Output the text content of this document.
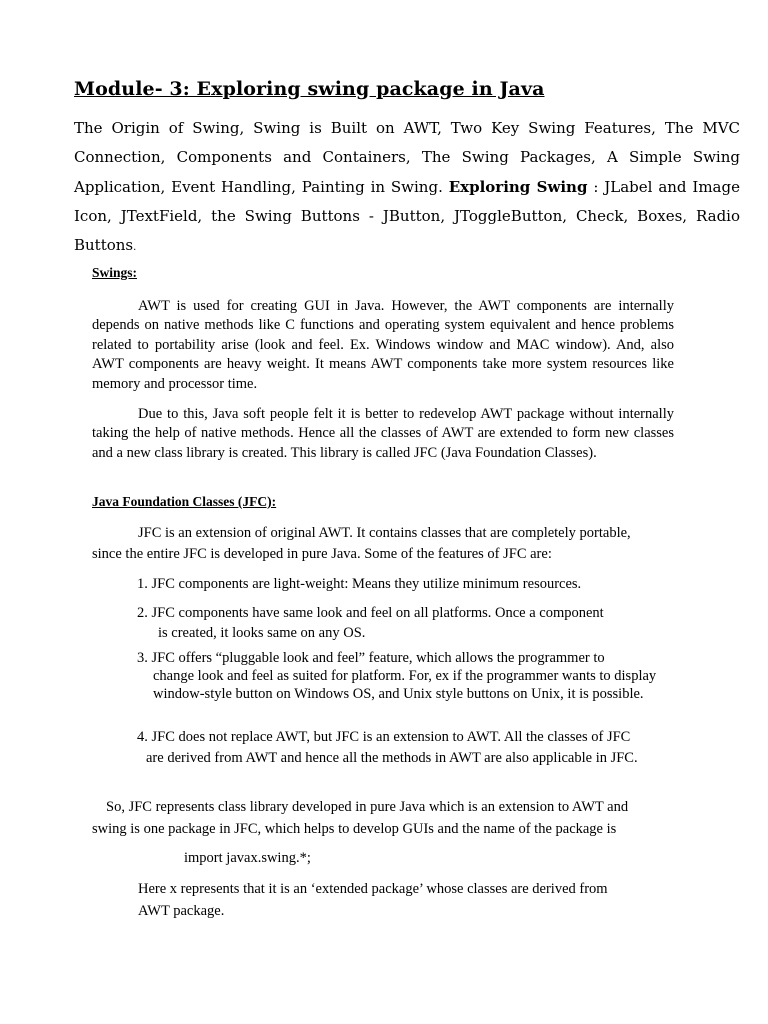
Module- 3: Exploring swing package in Java

The Origin of Swing, Swing is Built on AWT, Two Key Swing Features, The MVC Connection, Components and Containers, The Swing Packages, A Simple Swing Application, Event Handling, Painting in Swing. Exploring Swing : JLabel and Image Icon, JTextField, the Swing Buttons - JButton, JToggleButton, Check, Boxes, Radio Buttons.

Swings:

AWT is used for creating GUI in Java. However, the AWT components are internally depends on native methods like C functions and operating system equivalent and hence problems related to portability arise (look and feel. Ex. Windows window and MAC window). And, also AWT components are heavy weight. It means AWT components take more system resources like memory and processor time.

Due to this, Java soft people felt it is better to redevelop AWT package without internally taking the help of native methods. Hence all the classes of AWT are extended to form new classes and a new class library is created. This library is called JFC (Java Foundation Classes).

Java Foundation Classes (JFC):

JFC is an extension of original AWT. It contains classes that are completely portable,

since the entire JFC is developed in pure Java. Some of the features of JFC are:

1. JFC components are light-weight: Means they utilize minimum resources.

2. JFC components have same look and feel on all platforms. Once a component

is created, it looks same on any OS.

3. JFC offers “pluggable look and feel” feature, which allows the programmer to

change look and feel as suited for platform. For, ex if the programmer wants to display window-style button on Windows OS, and Unix style buttons on Unix, it is possible.

4. JFC does not replace AWT, but JFC is an extension to AWT. All the classes of JFC

are derived from AWT and hence all the methods in AWT are also applicable in JFC.

So, JFC represents class library developed in pure Java which is an extension to AWT and

swing is one package in JFC, which helps to develop GUIs and the name of the package is

import javax.swing.*;

Here x represents that it is an ‘extended package’ whose classes are derived from

AWT package.
